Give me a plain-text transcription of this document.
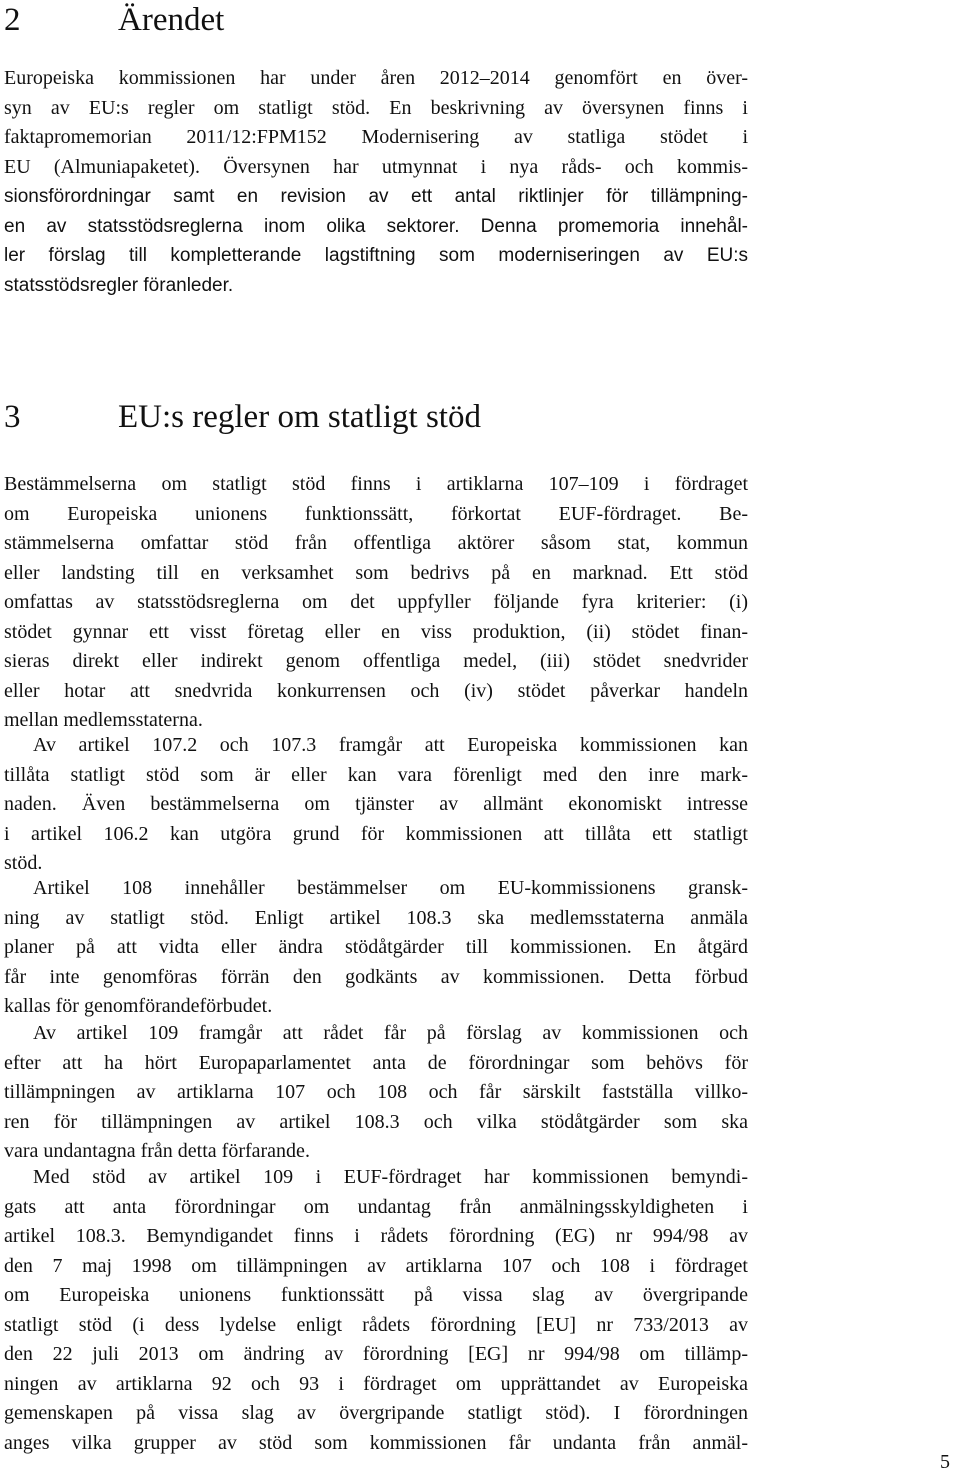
2	Ärendet

Europeiska kommissionen har under åren 2012–2014 genomfört en över-
syn av EU:s regler om statligt stöd. En beskrivning av översynen finns i
faktapromemorian 2011/12:FPM152 Modernisering av statliga stödet i
EU (Almuniapaketet). Översynen har utmynnat i nya råds- och kommis-
sionsförordningar samt en revision av ett antal riktlinjer för tillämpning-
en av statsstödsreglerna inom olika sektorer. Denna promemoria innehål-
ler förslag till kompletterande lagstiftning som moderniseringen av EU:s
statsstödsregler föranleder.

3	EU:s regler om statligt stöd

Bestämmelserna om statligt stöd finns i artiklarna 107–109 i fördraget
om Europeiska unionens funktionssätt, förkortat EUF-fördraget. Be-
stämmelserna omfattar stöd från offentliga aktörer såsom stat, kommun
eller landsting till en verksamhet som bedrivs på en marknad. Ett stöd
omfattas av statsstödsreglerna om det uppfyller följande fyra kriterier: (i)
stödet gynnar ett visst företag eller en viss produktion, (ii) stödet finan-
sieras direkt eller indirekt genom offentliga medel, (iii) stödet snedvrider
eller hotar att snedvrida konkurrensen och (iv) stödet påverkar handeln
mellan medlemsstaterna.

Av artikel 107.2 och 107.3 framgår att Europeiska kommissionen kan
tillåta statligt stöd som är eller kan vara förenligt med den inre mark-
naden. Även bestämmelserna om tjänster av allmänt ekonomiskt intresse
i artikel 106.2 kan utgöra grund för kommissionen att tillåta ett statligt
stöd.

Artikel 108 innehåller bestämmelser om EU-kommissionens gransk-
ning av statligt stöd. Enligt artikel 108.3 ska medlemsstaterna anmäla
planer på att vidta eller ändra stödåtgärder till kommissionen. En åtgärd
får inte genomföras förrän den godkänts av kommissionen. Detta förbud
kallas för genomförandeförbudet.

Av artikel 109 framgår att rådet får på förslag av kommissionen och
efter att ha hört Europaparlamentet anta de förordningar som behövs för
tillämpningen av artiklarna 107 och 108 och får särskilt fastställa villko-
ren för tillämpningen av artikel 108.3 och vilka stödåtgärder som ska
vara undantagna från detta förfarande.

Med stöd av artikel 109 i EUF-fördraget har kommissionen bemyndi-
gats att anta förordningar om undantag från anmälningsskyldigheten i
artikel 108.3. Bemyndigandet finns i rådets förordning (EG) nr 994/98 av
den 7 maj 1998 om tillämpningen av artiklarna 107 och 108 i fördraget
om Europeiska unionens funktionssätt på vissa slag av övergripande
statligt stöd (i dess lydelse enligt rådets förordning [EU] nr 733/2013 av
den 22 juli 2013 om ändring av förordning [EG] nr 994/98 om tillämp-
ningen av artiklarna 92 och 93 i fördraget om upprättandet av Europeiska
gemenskapen på vissa slag av övergripande statligt stöd). I förordningen
anges vilka grupper av stöd som kommissionen får undanta från anmäl-

5
